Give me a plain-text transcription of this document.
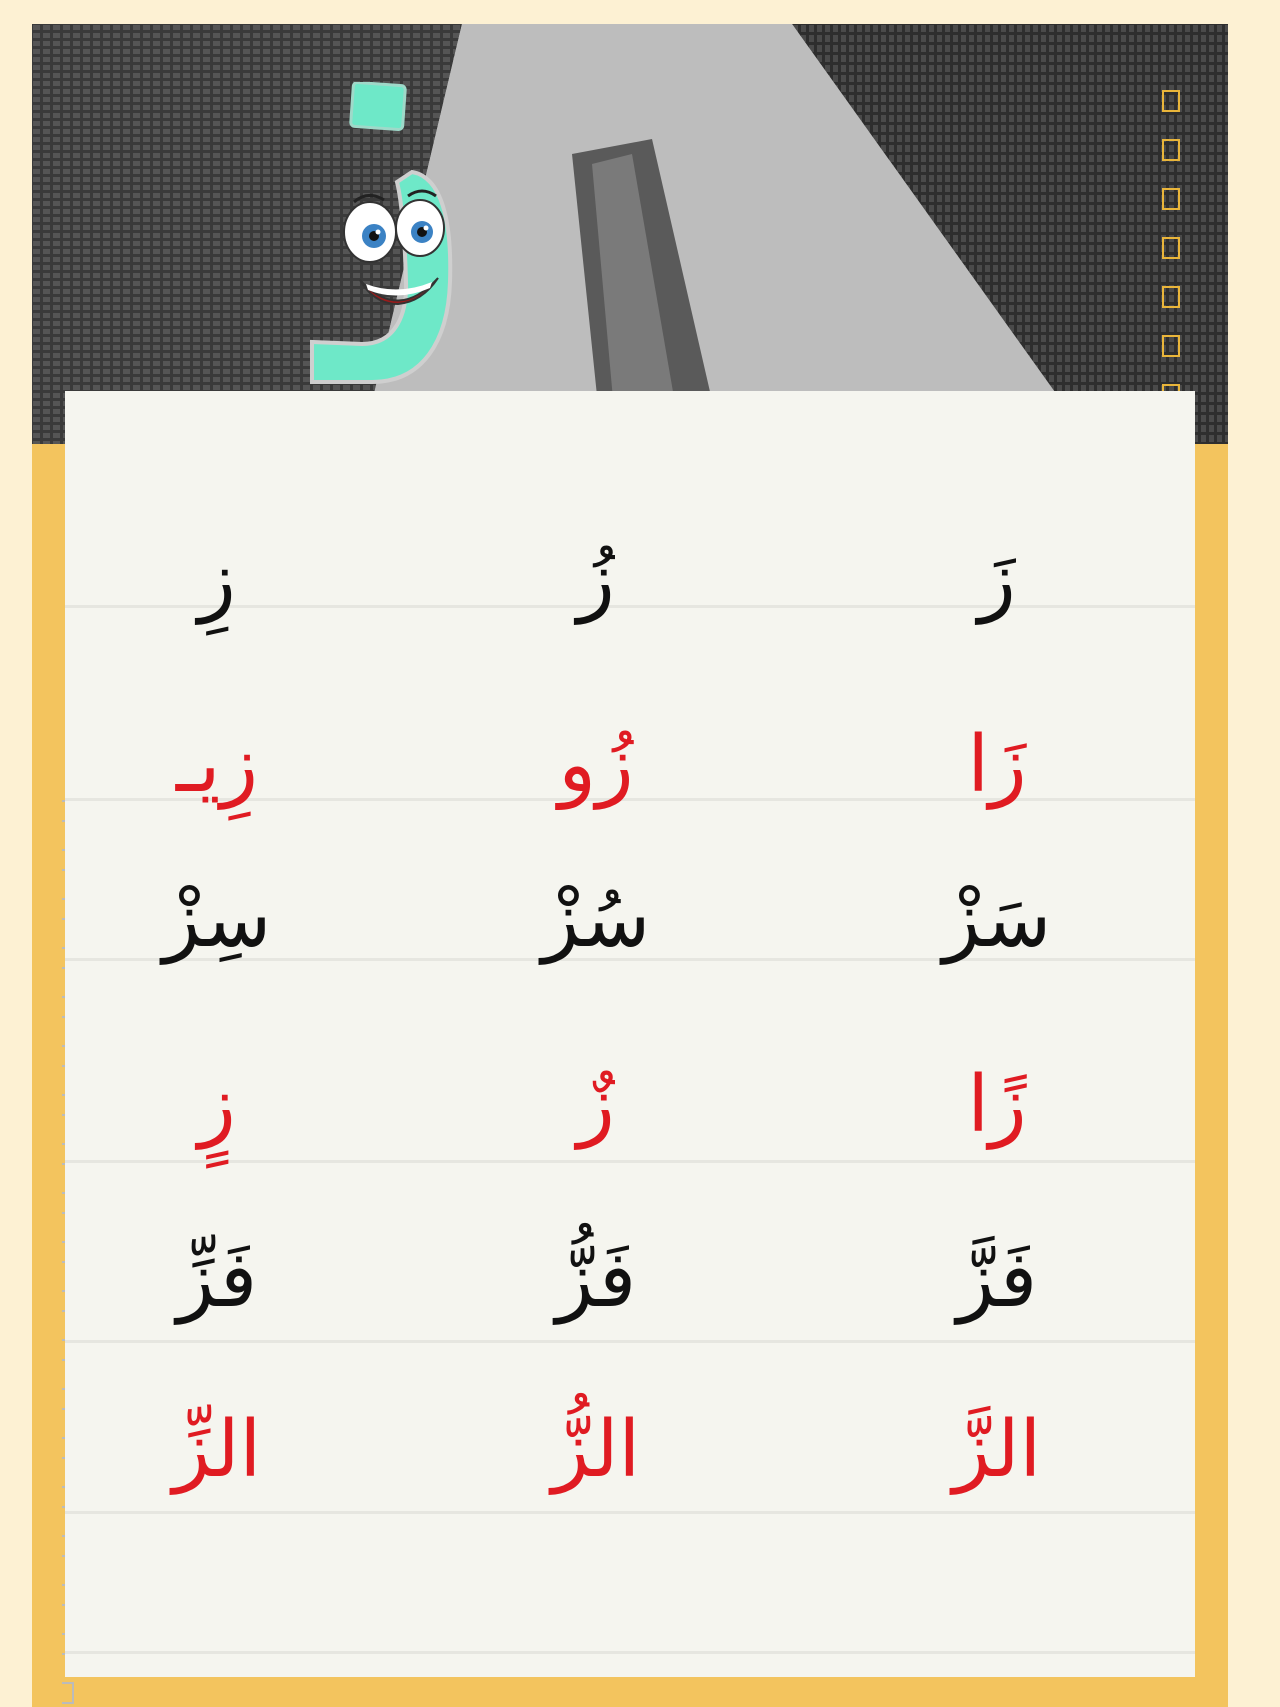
زَ
زُ
زِ
زَا
زُو
زِيـ
سَزْ
سُزْ
سِزْ
زًا
زٌ
زٍ
فَزَّ
فَزُّ
فَزِّ
الزَّ
الزُّ
الزِّ
